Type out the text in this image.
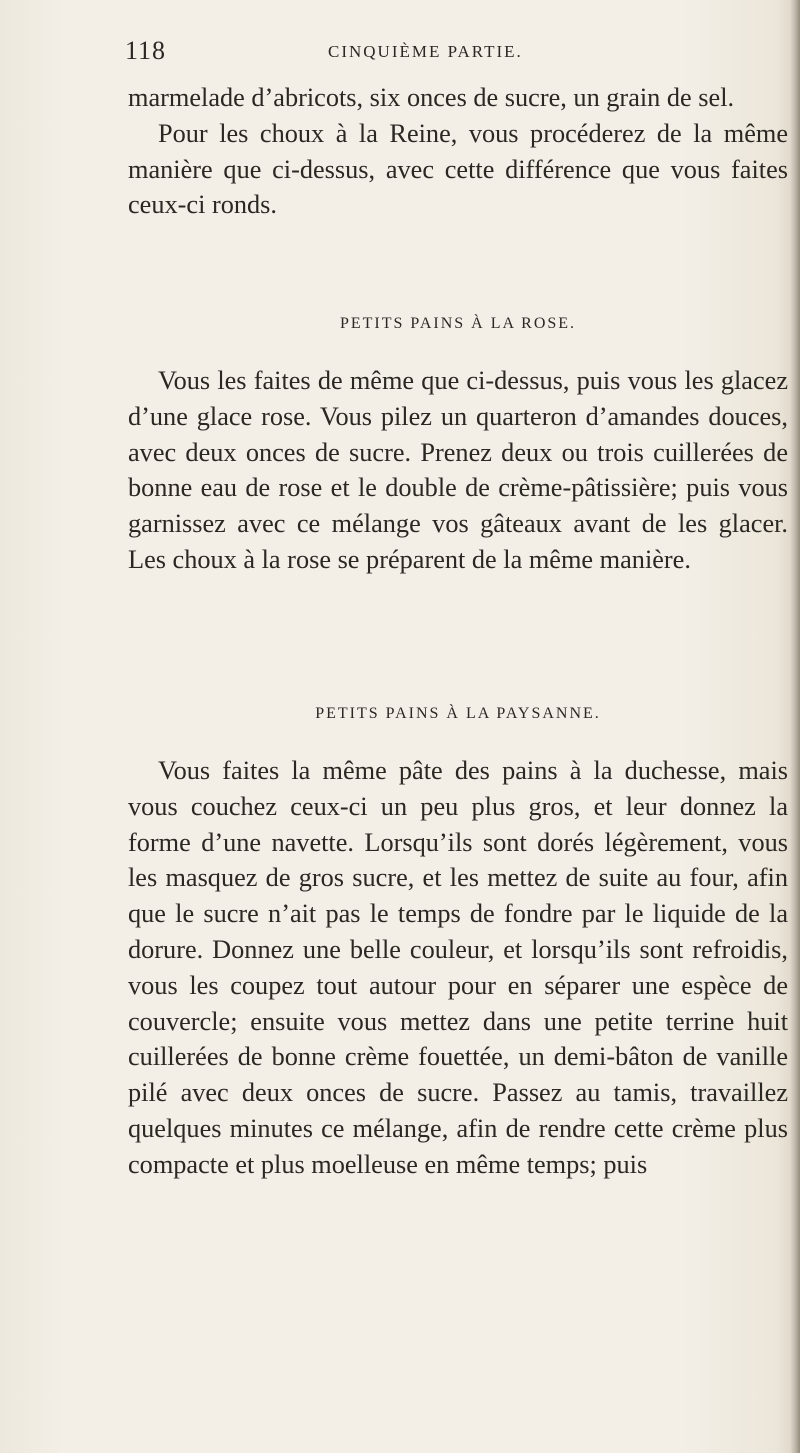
118	CINQUIÈME PARTIE.

marmelade d’abricots, six onces de sucre, un grain de sel.

Pour les choux à la Reine, vous procéderez de la même manière que ci-dessus, avec cette différence que vous faites ceux-ci ronds.

PETITS PAINS À LA ROSE.

Vous les faites de même que ci-dessus, puis vous les glacez d’une glace rose. Vous pilez un quarteron d’amandes douces, avec deux onces de sucre. Prenez deux ou trois cuillerées de bonne eau de rose et le double de crème-pâtissière; puis vous garnissez avec ce mélange vos gâteaux avant de les glacer. Les choux à la rose se préparent de la même manière.

PETITS PAINS À LA PAYSANNE.

Vous faites la même pâte des pains à la duchesse, mais vous couchez ceux-ci un peu plus gros, et leur donnez la forme d’une navette. Lorsqu’ils sont dorés légèrement, vous les masquez de gros sucre, et les mettez de suite au four, afin que le sucre n’ait pas le temps de fondre par le liquide de la dorure. Donnez une belle couleur, et lorsqu’ils sont refroidis, vous les coupez tout autour pour en séparer une espèce de couvercle; ensuite vous mettez dans une petite terrine huit cuillerées de bonne crème fouettée, un demi-bâton de vanille pilé avec deux onces de sucre. Passez au tamis, travaillez quelques minutes ce mélange, afin de rendre cette crème plus compacte et plus moelleuse en même temps; puis
